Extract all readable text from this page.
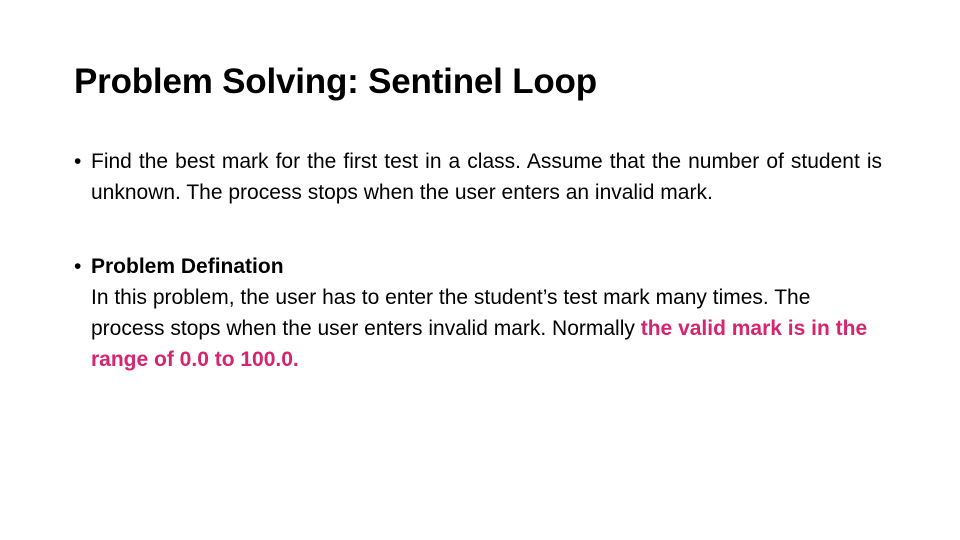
Problem Solving: Sentinel Loop
• Find the best mark for the first test in a class. Assume that the number of student is unknown. The process stops when the user enters an invalid mark.
• Problem Defination
In this problem, the user has to enter the student’s test mark many times. The process stops when the user enters invalid mark. Normally the valid mark is in the range of 0.0 to 100.0.
